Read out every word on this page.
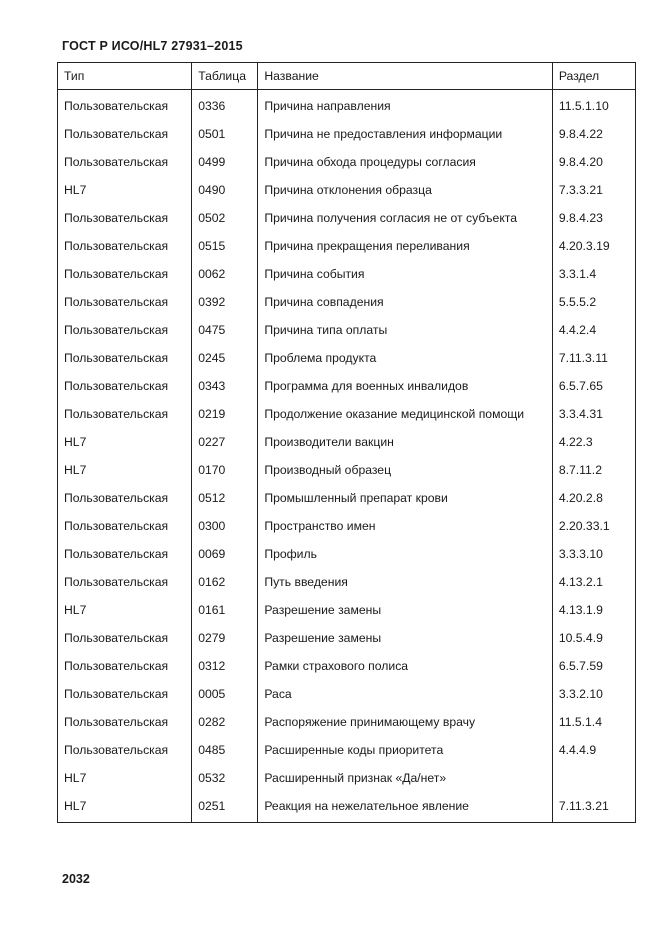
ГОСТ Р ИСО/HL7 27931–2015
Тип	Таблица	Название	Раздел
Пользовательская	0336	Причина направления	11.5.1.10
Пользовательская	0501	Причина не предоставления информации	9.8.4.22
Пользовательская	0499	Причина обхода процедуры согласия	9.8.4.20
HL7	0490	Причина отклонения образца	7.3.3.21
Пользовательская	0502	Причина получения согласия не от субъекта	9.8.4.23
Пользовательская	0515	Причина прекращения переливания	4.20.3.19
Пользовательская	0062	Причина события	3.3.1.4
Пользовательская	0392	Причина совпадения	5.5.5.2
Пользовательская	0475	Причина типа оплаты	4.4.2.4
Пользовательская	0245	Проблема продукта	7.11.3.11
Пользовательская	0343	Программа для военных инвалидов	6.5.7.65
Пользовательская	0219	Продолжение оказание медицинской помощи	3.3.4.31
HL7	0227	Производители вакцин	4.22.3
HL7	0170	Производный образец	8.7.11.2
Пользовательская	0512	Промышленный препарат крови	4.20.2.8
Пользовательская	0300	Пространство имен	2.20.33.1
Пользовательская	0069	Профиль	3.3.3.10
Пользовательская	0162	Путь введения	4.13.2.1
HL7	0161	Разрешение замены	4.13.1.9
Пользовательская	0279	Разрешение замены	10.5.4.9
Пользовательская	0312	Рамки страхового полиса	6.5.7.59
Пользовательская	0005	Раса	3.3.2.10
Пользовательская	0282	Распоряжение принимающему врачу	11.5.1.4
Пользовательская	0485	Расширенные коды приоритета	4.4.4.9
HL7	0532	Расширенный признак «Да/нет»	
HL7	0251	Реакция на нежелательное явление	7.11.3.21
2032
